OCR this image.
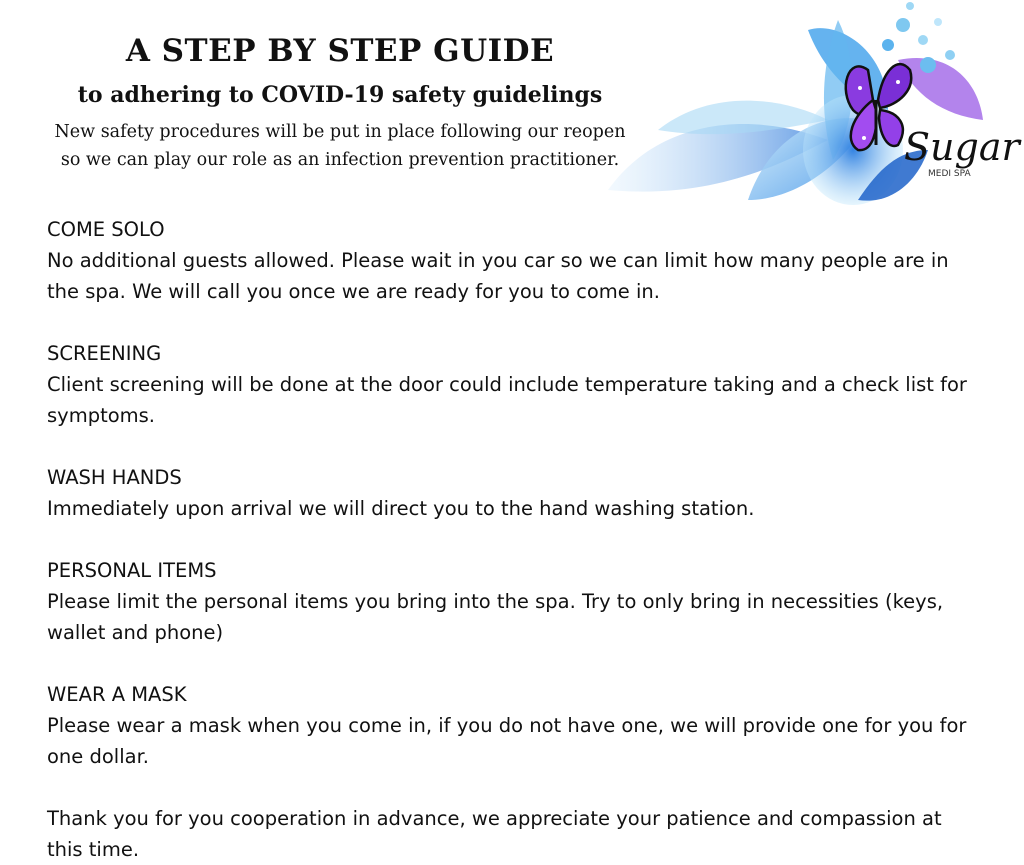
A STEP BY STEP GUIDE
to adhering to COVID-19 safety guidelings

New safety procedures will be put in place following our reopen
so we can play our role as an infection prevention practitioner.	Sugar
MEDI SPA

COME SOLO

No additional guests allowed. Please wait in you car so we can limit how many people are in the spa. We will call you once we are ready for you to come in.

SCREENING

Client screening will be done at the door could include temperature taking and a check list for symptoms.

WASH HANDS

Immediately upon arrival we will direct you to the hand washing station.

PERSONAL ITEMS

Please limit the personal items you bring into the spa. Try to only bring in necessities (keys, wallet and phone)

WEAR A MASK

Please wear a mask when you come in, if you do not have one, we will provide one for you for one dollar.

Thank you for you cooperation in advance, we appreciate your patience and compassion at this time.
